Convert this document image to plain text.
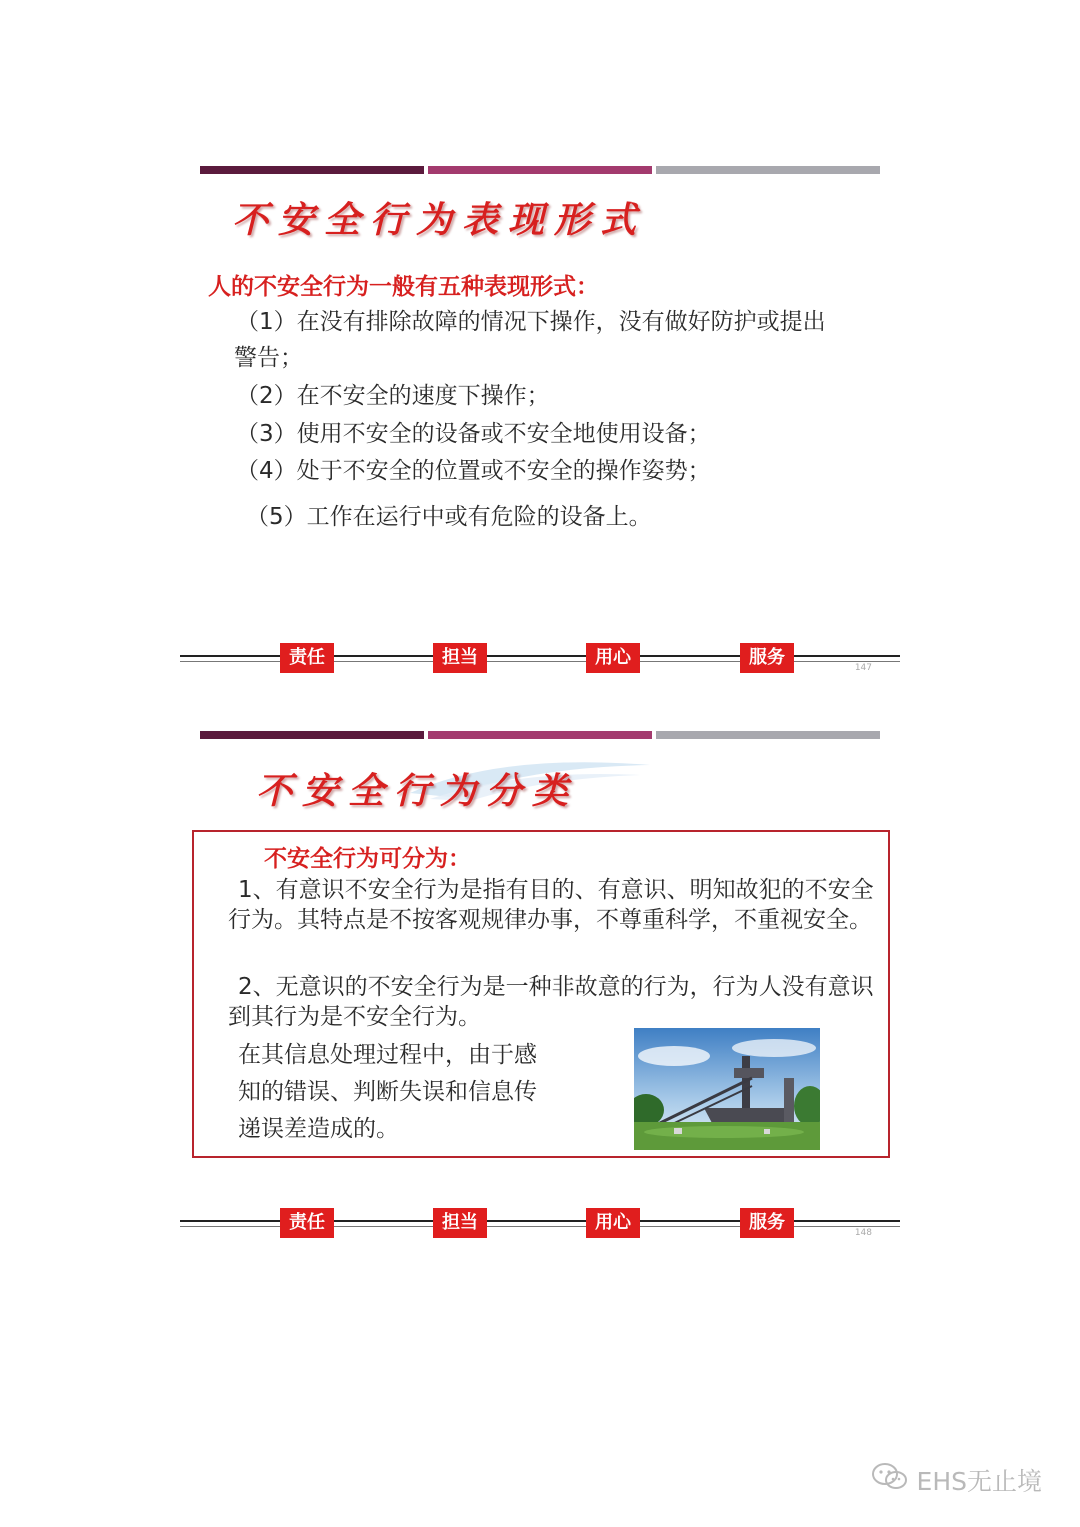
不安全行为表现形式
人的不安全行为一般有五种表现形式：
（1）在没有排除故障的情况下操作，没有做好防护或提出
警告；
（2）在不安全的速度下操作；
（3）使用不安全的设备或不安全地使用设备；
（4）处于不安全的位置或不安全的操作姿势；
（5）工作在运行中或有危险的设备上。
责任	担当	用心	服务	147
不安全行为分类
不安全行为可分为：
1、有意识不安全行为是指有目的、有意识、明知故犯的不安全行为。其特点是不按客观规律办事，不尊重科学，不重视安全。
2、无意识的不安全行为是一种非故意的行为，行为人没有意识到其行为是不安全行为。
在其信息处理过程中，由于感知的错误、判断失误和信息传递误差造成的。
责任	担当	用心	服务	148
EHS无止境
